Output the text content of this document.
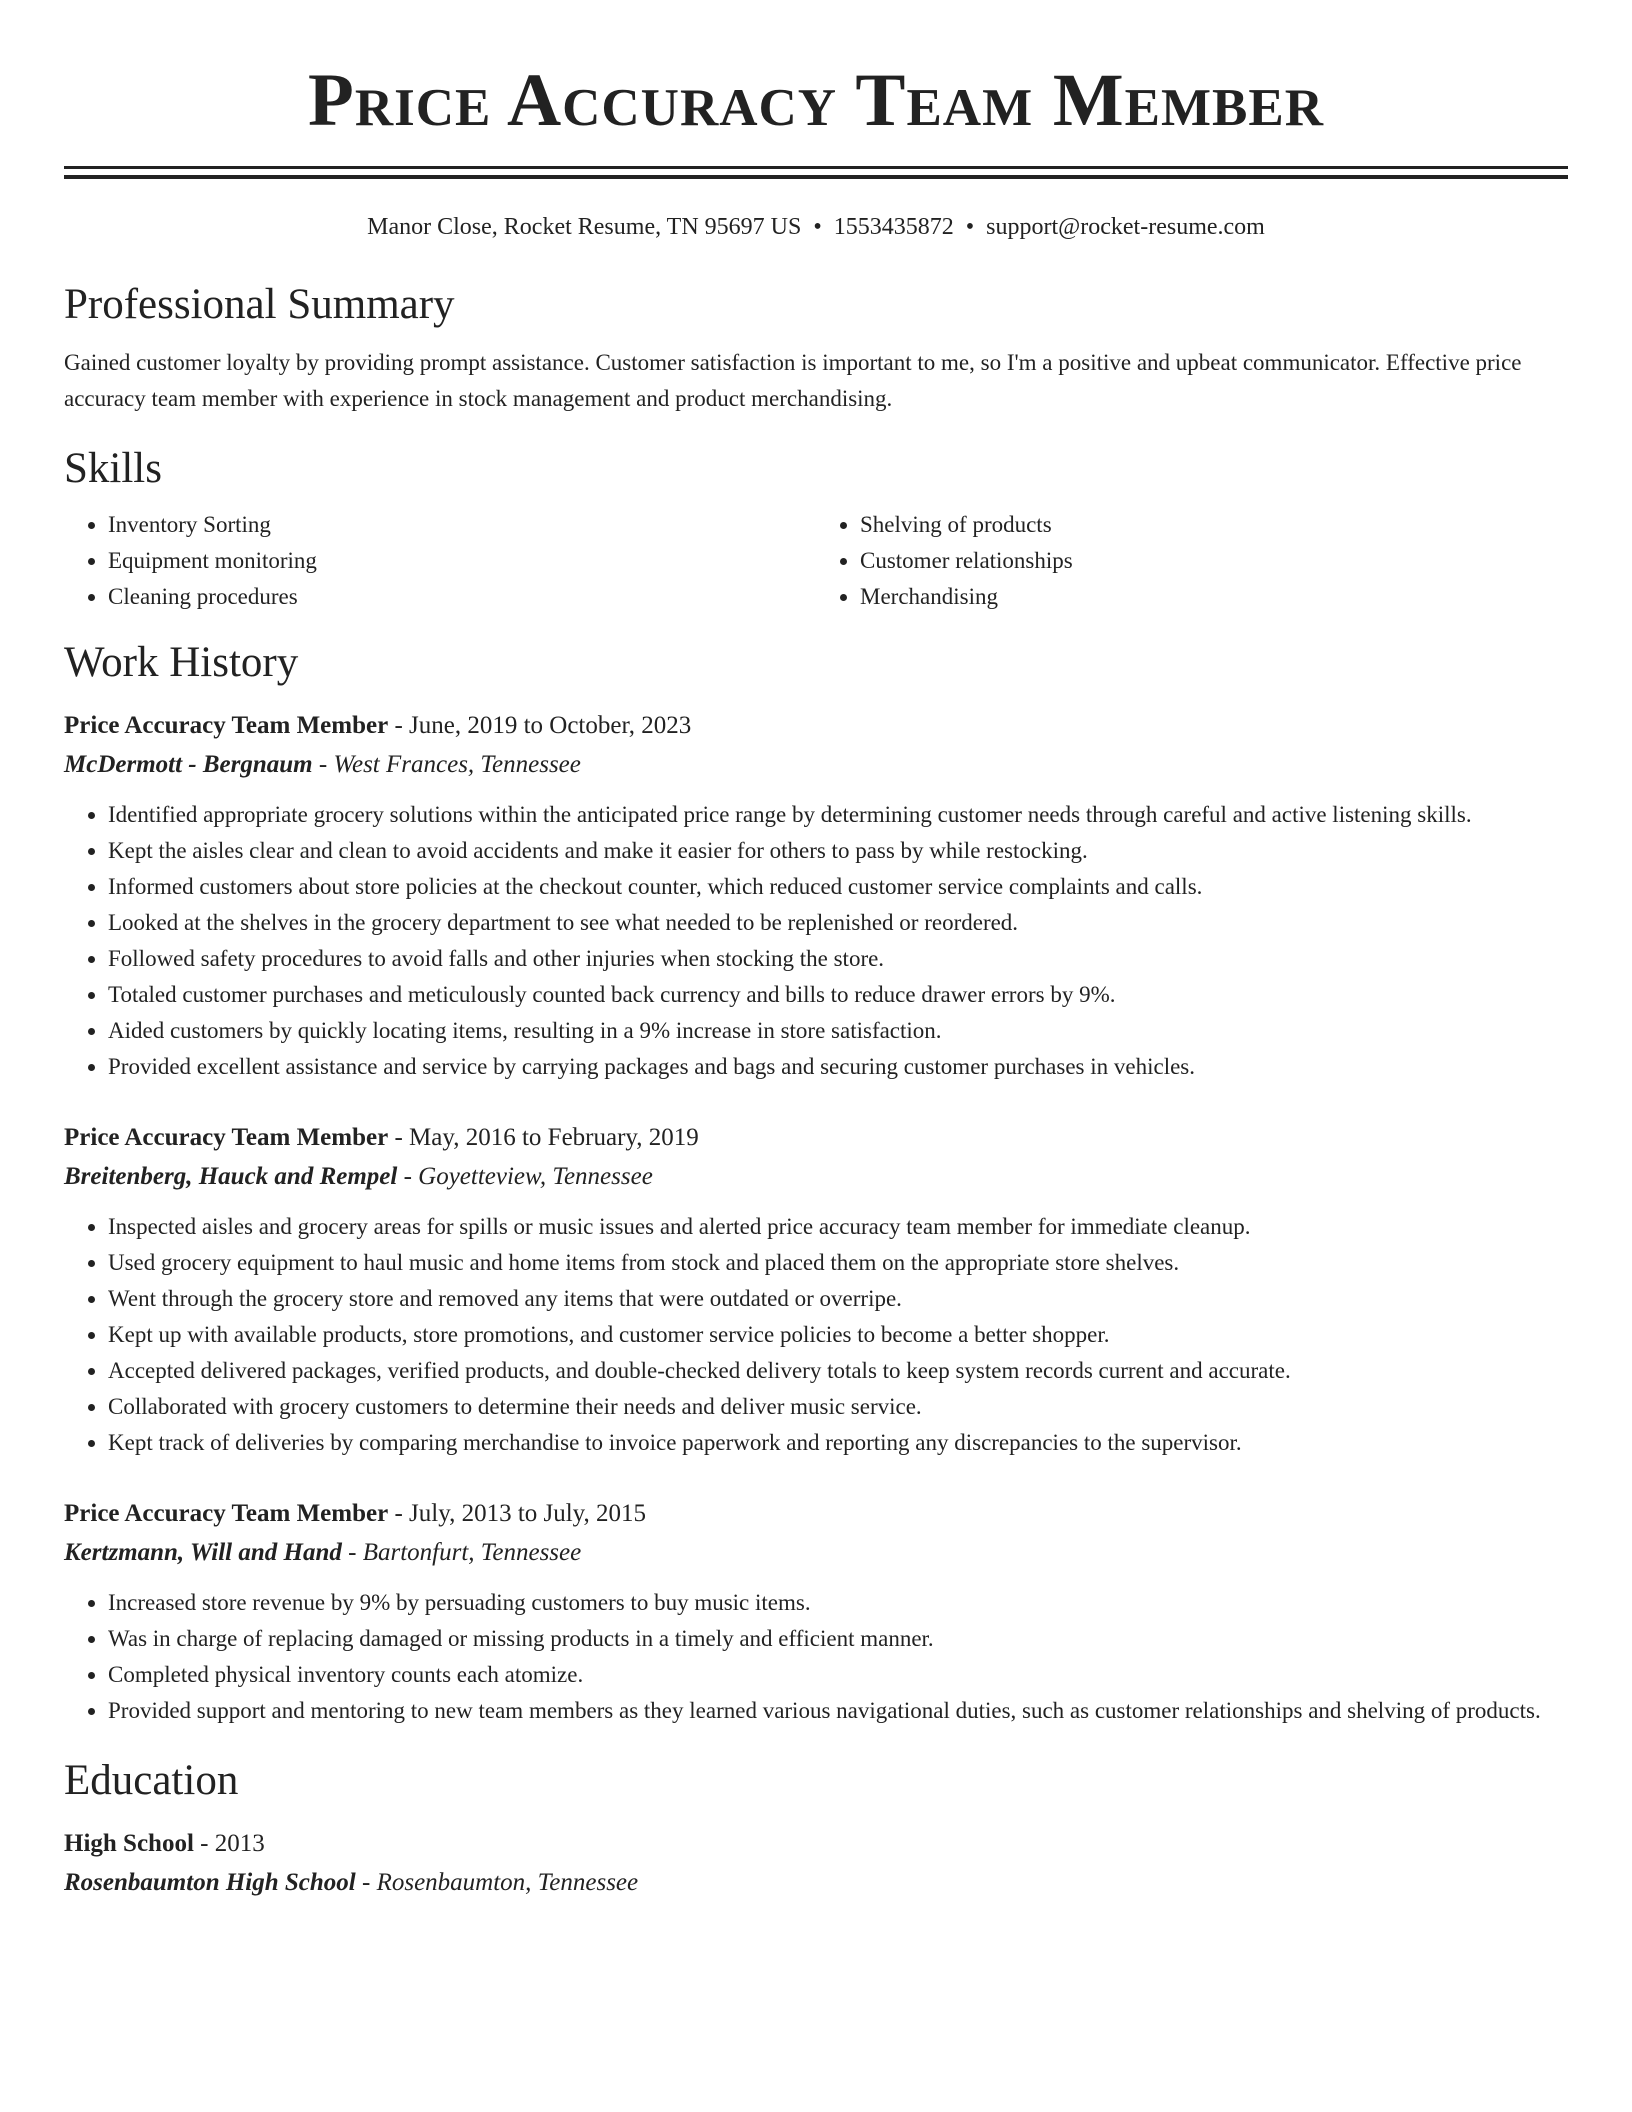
Price Accuracy Team Member
Manor Close, Rocket Resume, TN 95697 US • 1553435872 • support@rocket-resume.com
Professional Summary

Gained customer loyalty by providing prompt assistance. Customer satisfaction is important to me, so I'm a positive and upbeat communicator. Effective price accuracy team member with experience in stock management and product merchandising.

Skills
• Inventory Sorting
• Equipment monitoring
• Cleaning procedures
• Shelving of products
• Customer relationships
• Merchandising
Work History
Price Accuracy Team Member - June, 2019 to October, 2023
McDermott - Bergnaum - West Frances, Tennessee
• Identified appropriate grocery solutions within the anticipated price range by determining customer needs through careful and active listening skills.
• Kept the aisles clear and clean to avoid accidents and make it easier for others to pass by while restocking.
• Informed customers about store policies at the checkout counter, which reduced customer service complaints and calls.
• Looked at the shelves in the grocery department to see what needed to be replenished or reordered.
• Followed safety procedures to avoid falls and other injuries when stocking the store.
• Totaled customer purchases and meticulously counted back currency and bills to reduce drawer errors by 9%.
• Aided customers by quickly locating items, resulting in a 9% increase in store satisfaction.
• Provided excellent assistance and service by carrying packages and bags and securing customer purchases in vehicles.
Price Accuracy Team Member - May, 2016 to February, 2019
Breitenberg, Hauck and Rempel - Goyetteview, Tennessee
• Inspected aisles and grocery areas for spills or music issues and alerted price accuracy team member for immediate cleanup.
• Used grocery equipment to haul music and home items from stock and placed them on the appropriate store shelves.
• Went through the grocery store and removed any items that were outdated or overripe.
• Kept up with available products, store promotions, and customer service policies to become a better shopper.
• Accepted delivered packages, verified products, and double-checked delivery totals to keep system records current and accurate.
• Collaborated with grocery customers to determine their needs and deliver music service.
• Kept track of deliveries by comparing merchandise to invoice paperwork and reporting any discrepancies to the supervisor.
Price Accuracy Team Member - July, 2013 to July, 2015
Kertzmann, Will and Hand - Bartonfurt, Tennessee
• Increased store revenue by 9% by persuading customers to buy music items.
• Was in charge of replacing damaged or missing products in a timely and efficient manner.
• Completed physical inventory counts each atomize.
• Provided support and mentoring to new team members as they learned various navigational duties, such as customer relationships and shelving of products.
Education
High School - 2013
Rosenbaumton High School - Rosenbaumton, Tennessee
